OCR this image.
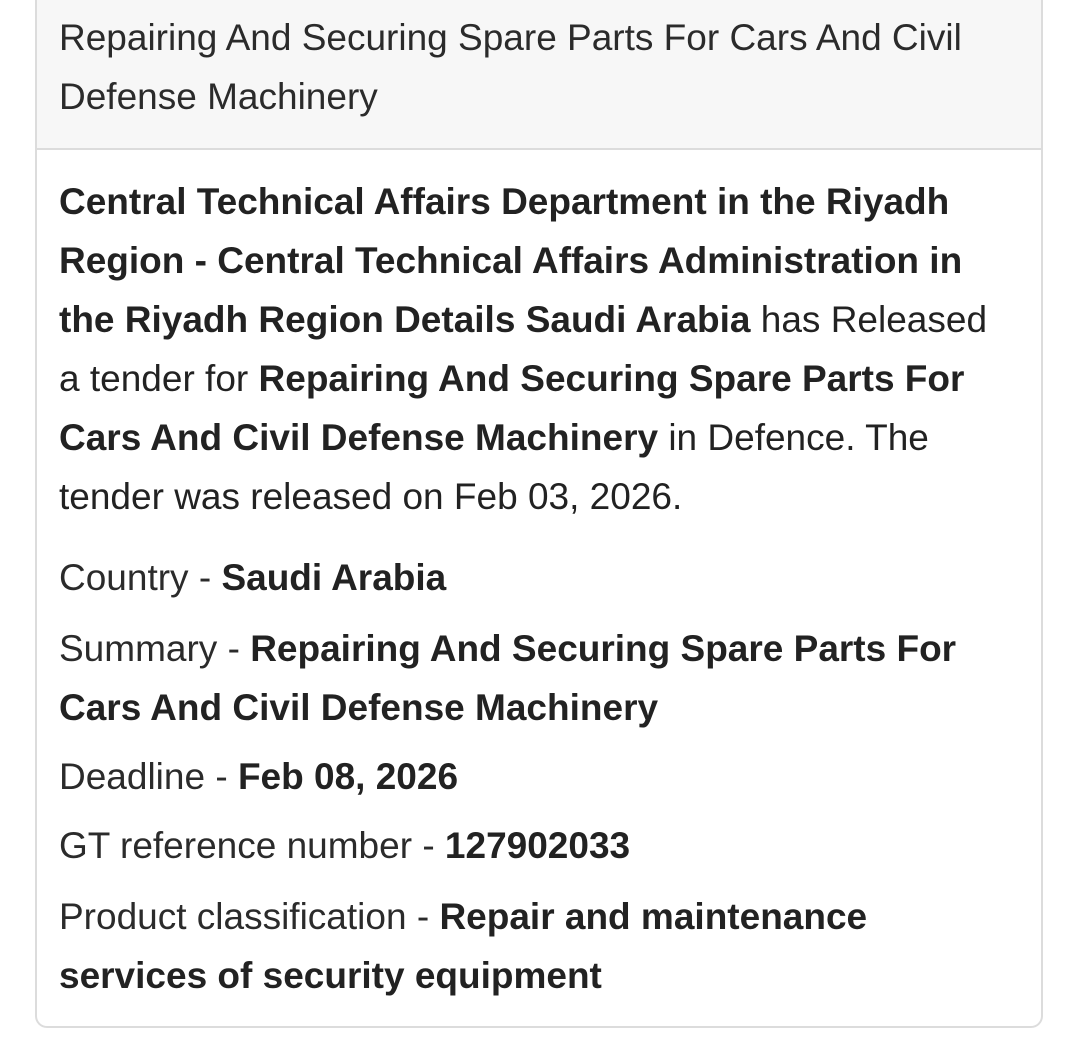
Repairing And Securing Spare Parts For Cars And Civil Defense Machinery

Central Technical Affairs Department in the Riyadh Region - Central Technical Affairs Administration in the Riyadh Region Details Saudi Arabia has Released a tender for Repairing And Securing Spare Parts For Cars And Civil Defense Machinery in Defence. The tender was released on Feb 03, 2026.

Country - Saudi Arabia

Summary - Repairing And Securing Spare Parts For Cars And Civil Defense Machinery

Deadline - Feb 08, 2026

GT reference number - 127902033

Product classification - Repair and maintenance services of security equipment
